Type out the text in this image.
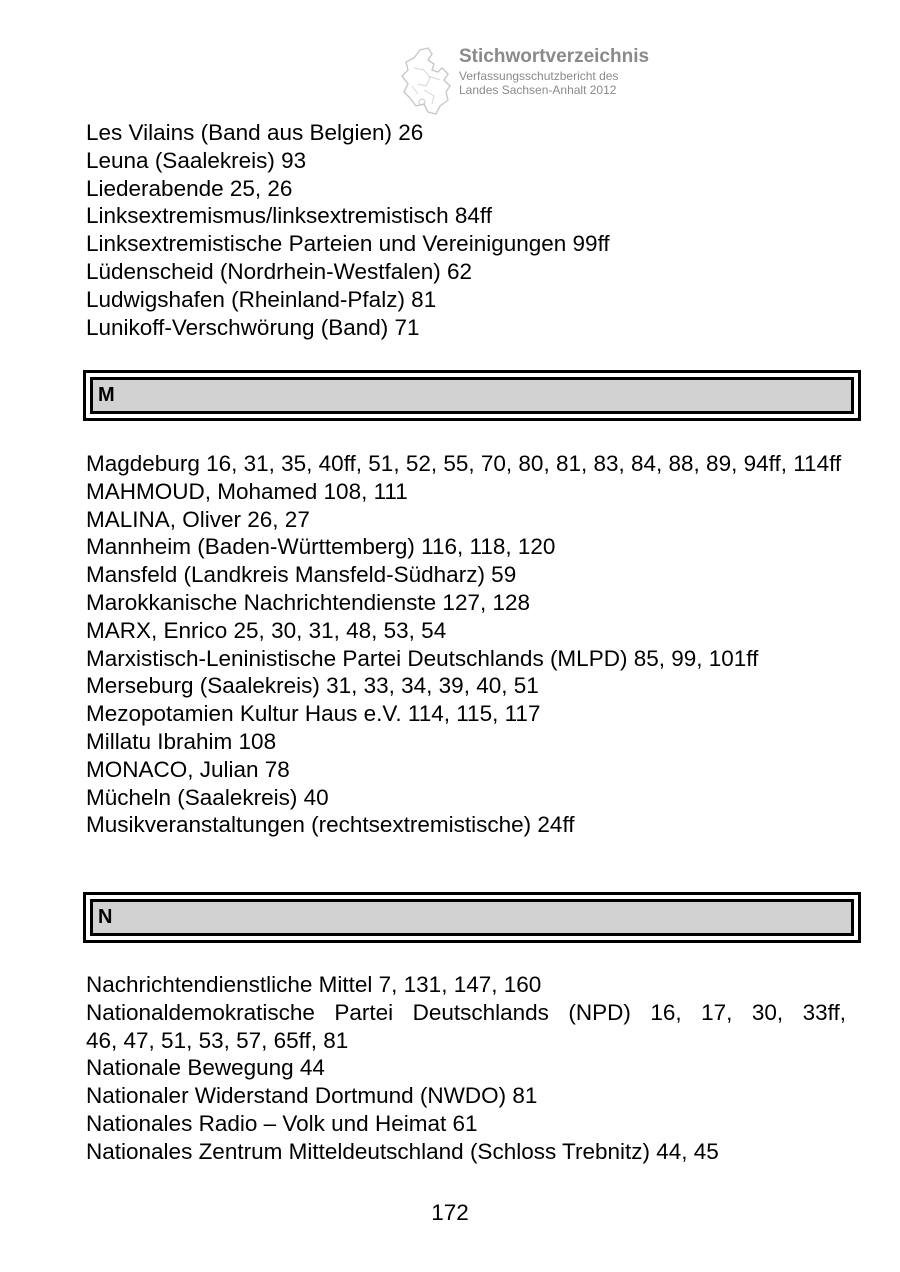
Stichwortverzeichnis
Verfassungsschutzbericht des
Landes Sachsen-Anhalt 2012
Les Vilains (Band aus Belgien) 26
Leuna (Saalekreis) 93
Liederabende 25, 26
Linksextremismus/linksextremistisch 84ff
Linksextremistische Parteien und Vereinigungen 99ff
Lüdenscheid (Nordrhein-Westfalen) 62
Ludwigshafen (Rheinland-Pfalz) 81
Lunikoff-Verschwörung (Band) 71
M
Magdeburg 16, 31, 35, 40ff, 51, 52, 55, 70, 80, 81, 83, 84, 88, 89, 94ff, 114ff
MAHMOUD, Mohamed 108, 111
MALINA, Oliver 26, 27
Mannheim (Baden-Württemberg) 116, 118, 120
Mansfeld (Landkreis Mansfeld-Südharz) 59
Marokkanische Nachrichtendienste 127, 128
MARX, Enrico 25, 30, 31, 48, 53, 54
Marxistisch-Leninistische Partei Deutschlands (MLPD) 85, 99, 101ff
Merseburg (Saalekreis) 31, 33, 34, 39, 40, 51
Mezopotamien Kultur Haus e.V. 114, 115, 117
Millatu Ibrahim 108
MONACO, Julian 78
Mücheln (Saalekreis) 40
Musikveranstaltungen (rechtsextremistische) 24ff
N
Nachrichtendienstliche Mittel 7, 131, 147, 160
Nationaldemokratische Partei Deutschlands (NPD) 16, 17, 30, 33ff,
46, 47, 51, 53, 57, 65ff, 81
Nationale Bewegung 44
Nationaler Widerstand Dortmund (NWDO) 81
Nationales Radio – Volk und Heimat 61
Nationales Zentrum Mitteldeutschland (Schloss Trebnitz) 44, 45
172
